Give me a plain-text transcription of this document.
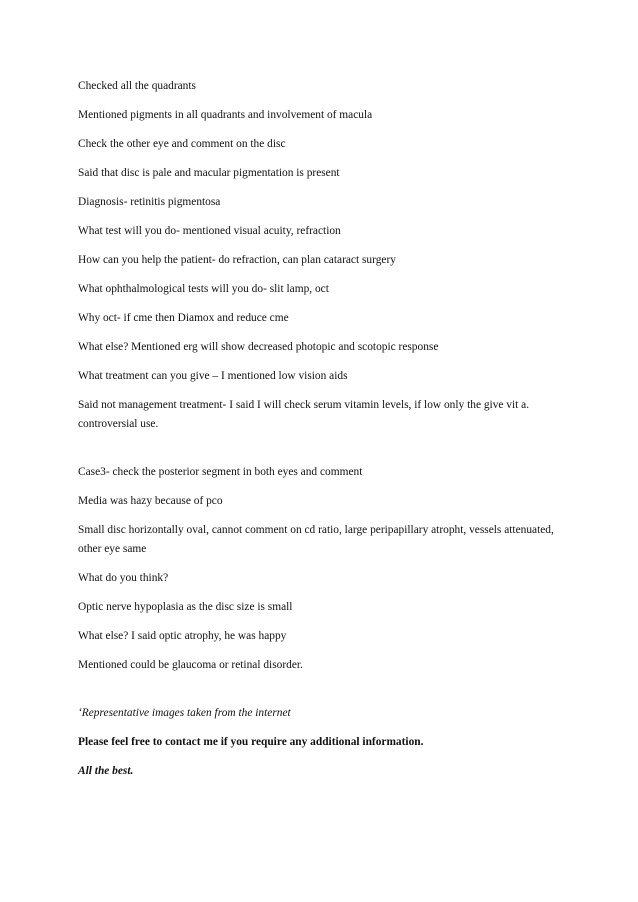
Checked all the quadrants

Mentioned pigments in all quadrants and involvement of macula

Check the other eye and comment on the disc

Said that disc is pale and macular pigmentation is present

Diagnosis- retinitis pigmentosa

What test will you do- mentioned visual acuity, refraction

How can you help the patient- do refraction, can plan cataract surgery

What ophthalmological tests will you do- slit lamp, oct

Why oct- if cme then Diamox and reduce cme

What else? Mentioned erg will show decreased photopic and scotopic response

What treatment can you give – I mentioned low vision aids

Said not management treatment- I said I will check serum vitamin levels, if low only the give vit a. controversial use.

Case3- check the posterior segment in both eyes and comment

Media was hazy because of pco

Small disc horizontally oval, cannot comment on cd ratio, large peripapillary atropht, vessels attenuated, other eye same

What do you think?

Optic nerve hypoplasia as the disc size is small

What else? I said optic atrophy, he was happy

Mentioned could be glaucoma or retinal disorder.

‘Representative images taken from the internet

Please feel free to contact me if you require any additional information.

All the best.
